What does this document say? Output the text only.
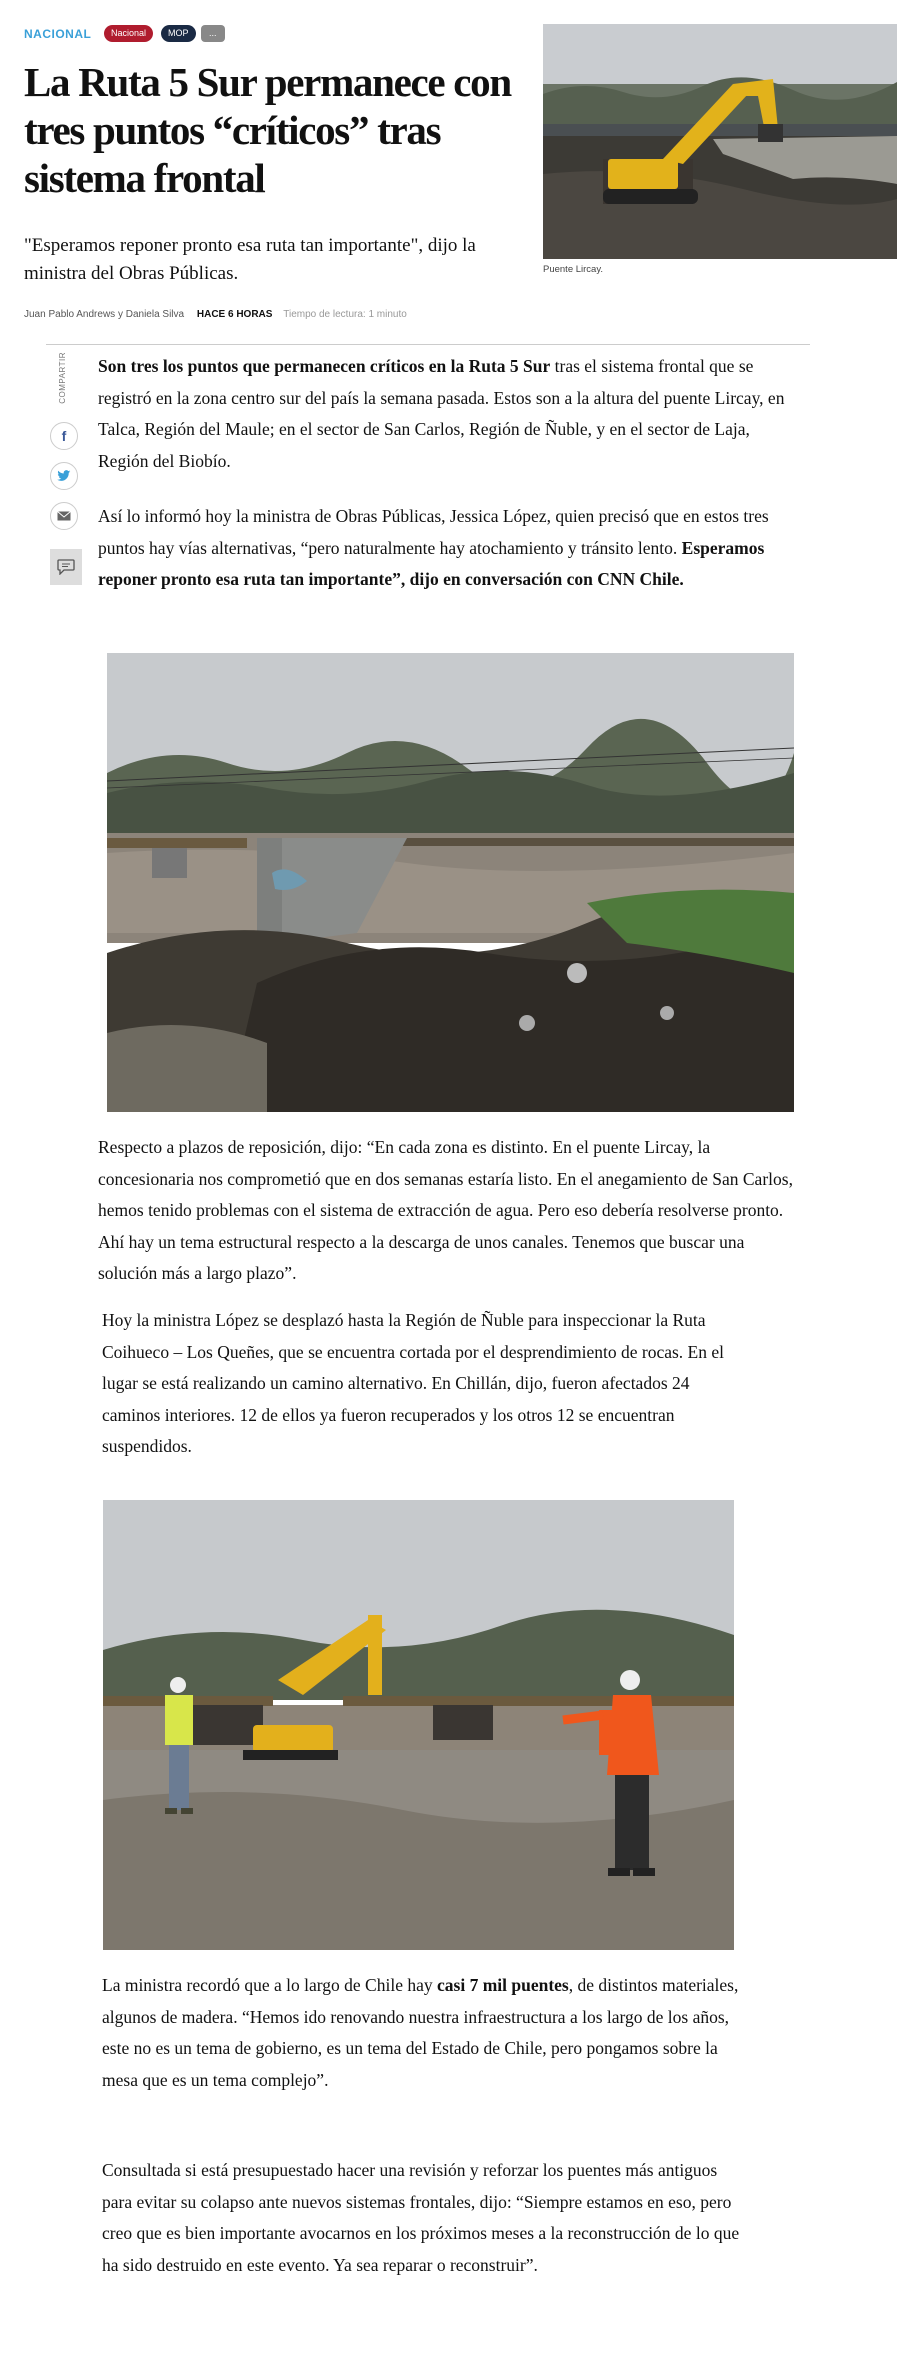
NACIONAL	Nacional	MOP	...
La Ruta 5 Sur permanece con tres puntos “críticos” tras sistema frontal

"Esperamos reponer pronto esa ruta tan importante", dijo la ministra del Obras Públicas.

Juan Pablo Andrews y Daniela Silva HACE 6 HORAS Tiempo de lectura: 1 minuto
Puente Lircay.
COMPARTIR
f

Son tres los puntos que permanecen críticos en la Ruta 5 Sur tras el sistema frontal que se registró en la zona centro sur del país la semana pasada. Estos son a la altura del puente Lircay, en Talca, Región del Maule; en el sector de San Carlos, Región de Ñuble, y en el sector de Laja, Región del Biobío.

Así lo informó hoy la ministra de Obras Públicas, Jessica López, quien precisó que en estos tres puntos hay vías alternativas, “pero naturalmente hay atochamiento y tránsito lento. Esperamos reponer pronto esa ruta tan importante”, dijo en conversación con CNN Chile.

Respecto a plazos de reposición, dijo: “En cada zona es distinto. En el puente Lircay, la concesionaria nos comprometió que en dos semanas estaría listo. En el anegamiento de San Carlos, hemos tenido problemas con el sistema de extracción de agua. Pero eso debería resolverse pronto. Ahí hay un tema estructural respecto a la descarga de unos canales. Tenemos que buscar una solución más a largo plazo”.

Hoy la ministra López se desplazó hasta la Región de Ñuble para inspeccionar la Ruta Coihueco – Los Queñes, que se encuentra cortada por el desprendimiento de rocas. En el lugar se está realizando un camino alternativo. En Chillán, dijo, fueron afectados 24 caminos interiores. 12 de ellos ya fueron recuperados y los otros 12 se encuentran suspendidos.

La ministra recordó que a lo largo de Chile hay casi 7 mil puentes, de distintos materiales, algunos de madera. “Hemos ido renovando nuestra infraestructura a los largo de los años, este no es un tema de gobierno, es un tema del Estado de Chile, pero pongamos sobre la mesa que es un tema complejo”.

Consultada si está presupuestado hacer una revisión y reforzar los puentes más antiguos para evitar su colapso ante nuevos sistemas frontales, dijo: “Siempre estamos en eso, pero creo que es bien importante avocarnos en los próximos meses a la reconstrucción de lo que ha sido destruido en este evento. Ya sea reparar o reconstruir”.
